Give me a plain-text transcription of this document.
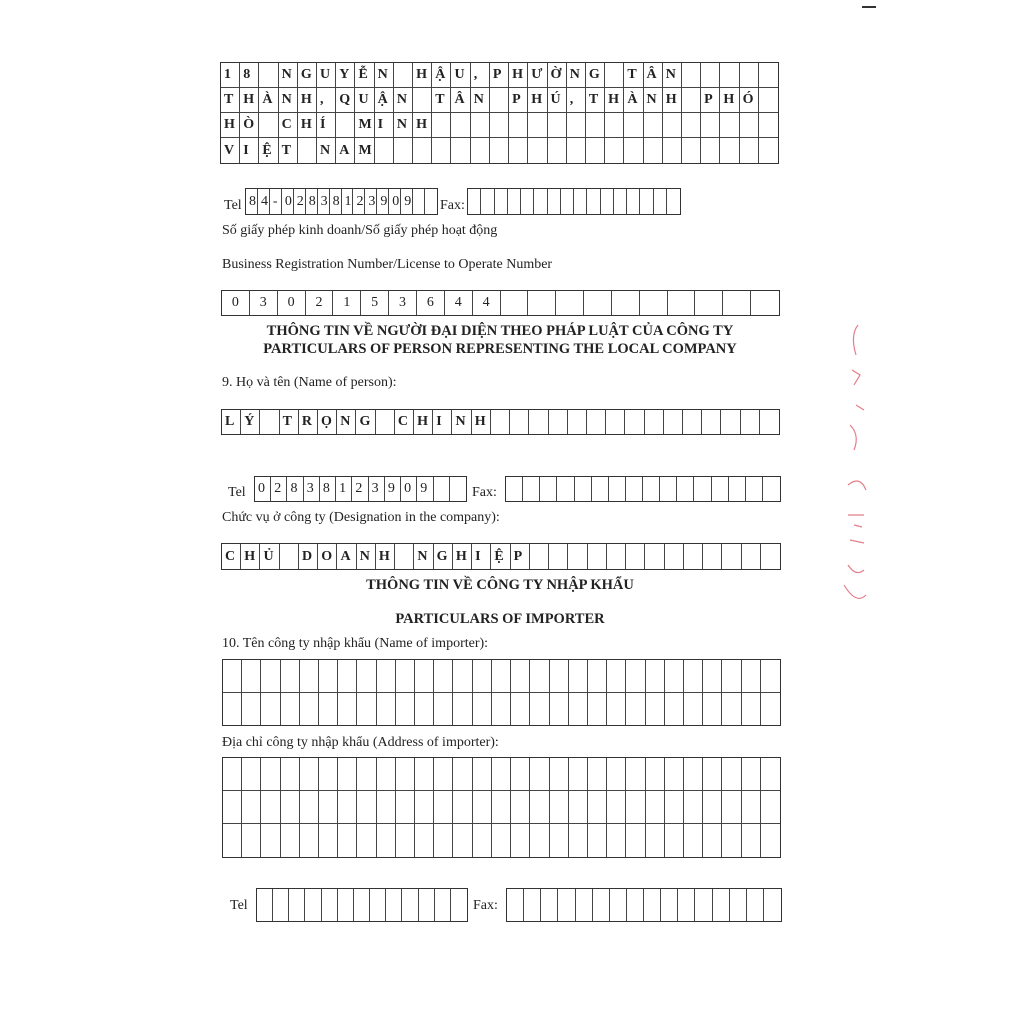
1 8	N G U Y Ễ N	H Ậ U ,	P H Ư Ờ N G	T Â N
T H À N H ,	Q U Ậ N	T Â N	P H Ú ,	T H À N H	P H Ó
H Ò	C H Í	M I N H
V I Ệ T	N A M
Tel 8 4 - 0 2 8 3 8 1 2 3 9 0 9 Fax:
Số giấy phép kinh doanh/Số giấy phép hoạt động
Business Registration Number/License to Operate Number
0	3	0	2	1	5	3	6	4	4
THÔNG TIN VỀ NGƯỜI ĐẠI DIỆN THEO PHÁP LUẬT CỦA CÔNG TY
PARTICULARS OF PERSON REPRESENTING THE LOCAL COMPANY
9. Họ và tên (Name of person):
L Ý	T R Ọ N G	C H I N H
Tel 0 2 8 3 8 1 2 3 9 0 9	Fax:
Chức vụ ở công ty (Designation in the company):
C H Ủ	D O A N H	N G H I Ệ P
THÔNG TIN VỀ CÔNG TY NHẬP KHẨU
PARTICULARS OF IMPORTER
10. Tên công ty nhập khẩu (Name of importer):
Địa chỉ công ty nhập khẩu (Address of importer):
Tel	Fax:
